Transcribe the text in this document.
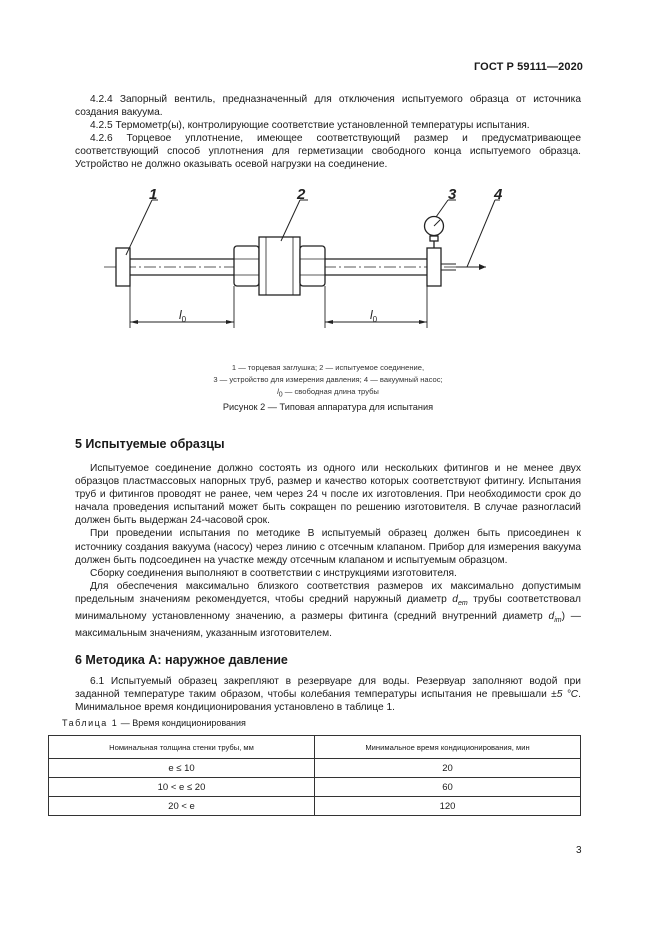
ГОСТ Р 59111—2020

4.2.4 Запорный вентиль, предназначенный для отключения испытуемого образца от источника создания вакуума.

4.2.5 Термометр(ы), контролирующие соответствие установленной температуры испытания.

4.2.6 Торцевое уплотнение, имеющее соответствующий размер и предусматривающее соответствующий способ уплотнения для герметизации свободного конца испытуемого образца. Устройство не должно оказывать осевой нагрузки на соединение.

1	2	3	4
$l_0$	$l_0$
1 — торцевая заглушка; 2 — испытуемое соединение,
3 — устройство для измерения давления; 4 — вакуумный насос;
$l_0$ — свободная длина трубы
Рисунок 2 — Типовая аппаратура для испытания
5 Испытуемые образцы

Испытуемое соединение должно состоять из одного или нескольких фитингов и не менее двух образцов пластмассовых напорных труб, размер и качество которых соответствуют фитингу. Испытания труб и фитингов проводят не ранее, чем через 24 ч после их изготовления. При необходимости срок до начала проведения испытаний может быть сокращен по решению изготовителя. В случае разногласий должен быть выдержан 24-часовой срок.

При проведении испытания по методике В испытуемый образец должен быть присоединен к источнику создания вакуума (насосу) через линию с отсечным клапаном. Прибор для измерения вакуума должен быть подсоединен на участке между отсечным клапаном и испытуемым образцом.

Сборку соединения выполняют в соответствии с инструкциями изготовителя.

Для обеспечения максимально близкого соответствия размеров их максимально допустимым предельным значениям рекомендуется, чтобы средний наружный диаметр $d_{em}$ трубы соответствовал минимальному установленному значению, а размеры фитинга (средний внутренний диаметр $d_{im}$) — максимальным значениям, указанным изготовителем.

6 Методика А: наружное давление

6.1 Испытуемый образец закрепляют в резервуаре для воды. Резервуар заполняют водой при заданной температуре таким образом, чтобы колебания температуры испытания не превышали ±5 °С. Минимальное время кондиционирования установлено в таблице 1.

Таблица 1 — Время кондиционирования
Номинальная толщина стенки трубы, мм	Минимальное время кондиционирования, мин
e ≤ 10	20
10 < e ≤ 20	60
20 < e	120
3
